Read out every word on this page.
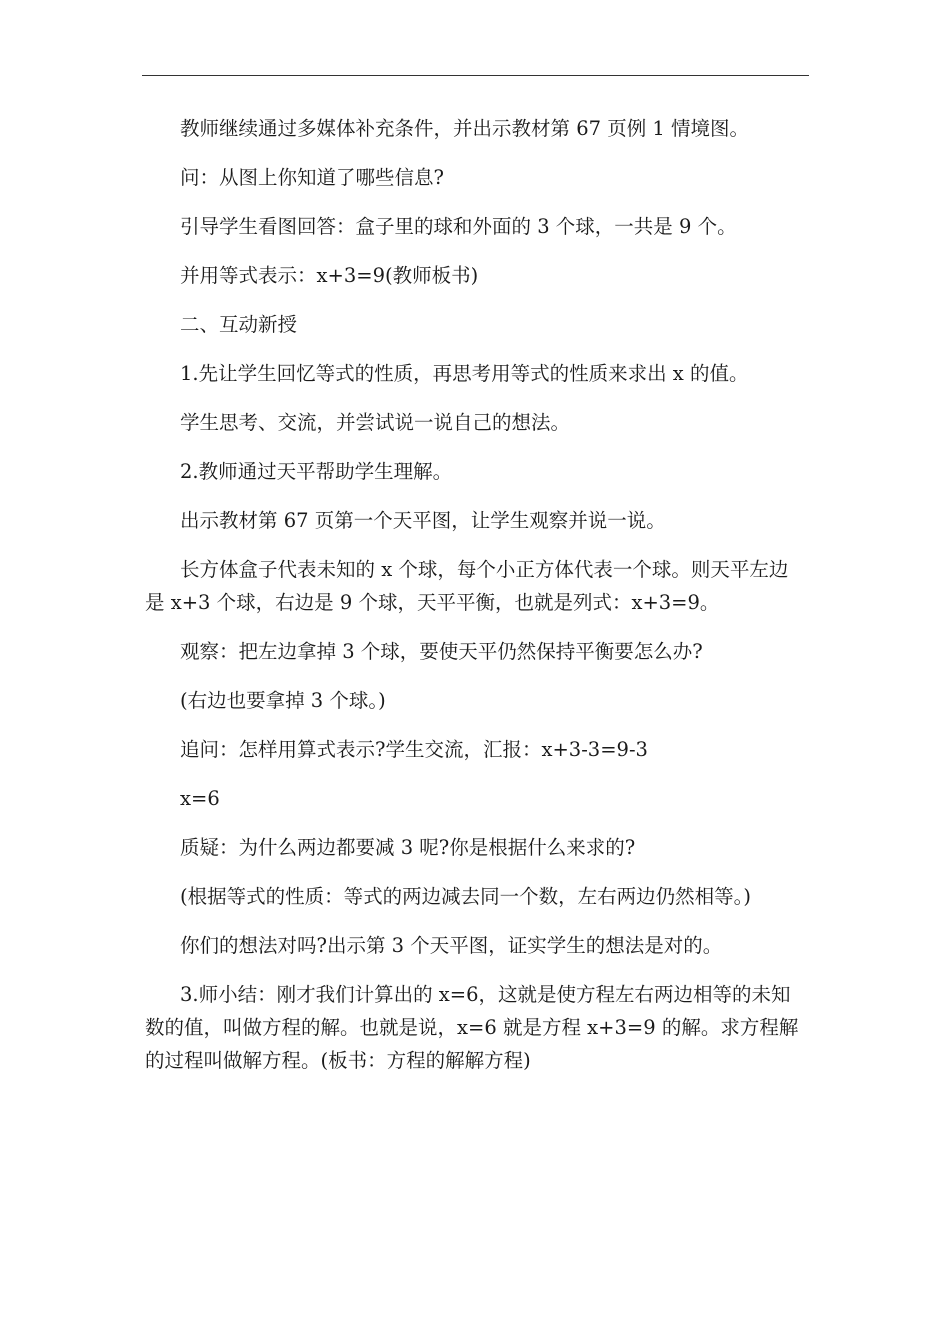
教师继续通过多媒体补充条件，并出示教材第 67 页例 1 情境图。

问：从图上你知道了哪些信息?

引导学生看图回答：盒子里的球和外面的 3 个球，一共是 9 个。

并用等式表示：x+3=9(教师板书)

二、互动新授

1.先让学生回忆等式的性质，再思考用等式的性质来求出 x 的值。

学生思考、交流，并尝试说一说自己的想法。

2.教师通过天平帮助学生理解。

出示教材第 67 页第一个天平图，让学生观察并说一说。

长方体盒子代表未知的 x 个球，每个小正方体代表一个球。则天平左边是 x+3 个球，右边是 9 个球，天平平衡，也就是列式：x+3=9。

观察：把左边拿掉 3 个球，要使天平仍然保持平衡要怎么办?

(右边也要拿掉 3 个球。)

追问：怎样用算式表示?学生交流，汇报：x+3-3=9-3

x=6

质疑：为什么两边都要减 3 呢?你是根据什么来求的?

(根据等式的性质：等式的两边减去同一个数，左右两边仍然相等。)

你们的想法对吗?出示第 3 个天平图，证实学生的想法是对的。

3.师小结：刚才我们计算出的 x=6，这就是使方程左右两边相等的未知数的值，叫做方程的解。也就是说，x=6 就是方程 x+3=9 的解。求方程解的过程叫做解方程。(板书：方程的解解方程)
